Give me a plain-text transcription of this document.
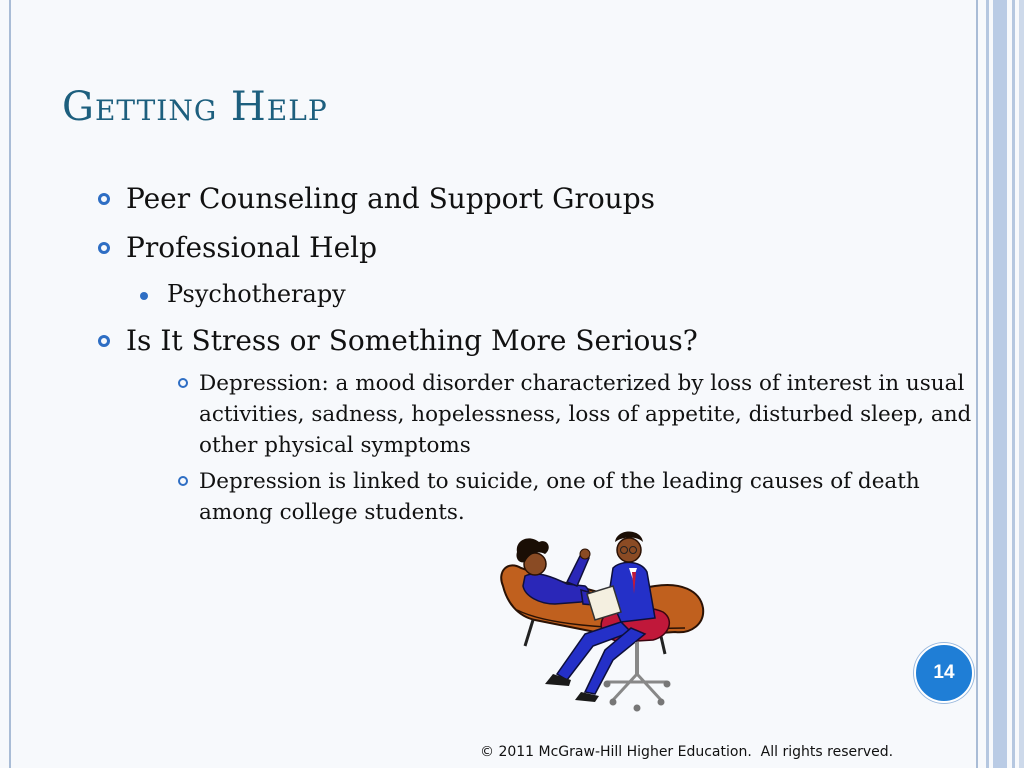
Getting Help
Peer Counseling and Support Groups
Professional Help
Psychotherapy
Is It Stress or Something More Serious?
Depression: a mood disorder characterized by loss of interest in usual activities, sadness, hopelessness, loss of appetite, disturbed sleep, and other physical symptoms
Depression is linked to suicide, one of the leading causes of death among college students.
14
© 2011 McGraw-Hill Higher Education.  All rights reserved.
